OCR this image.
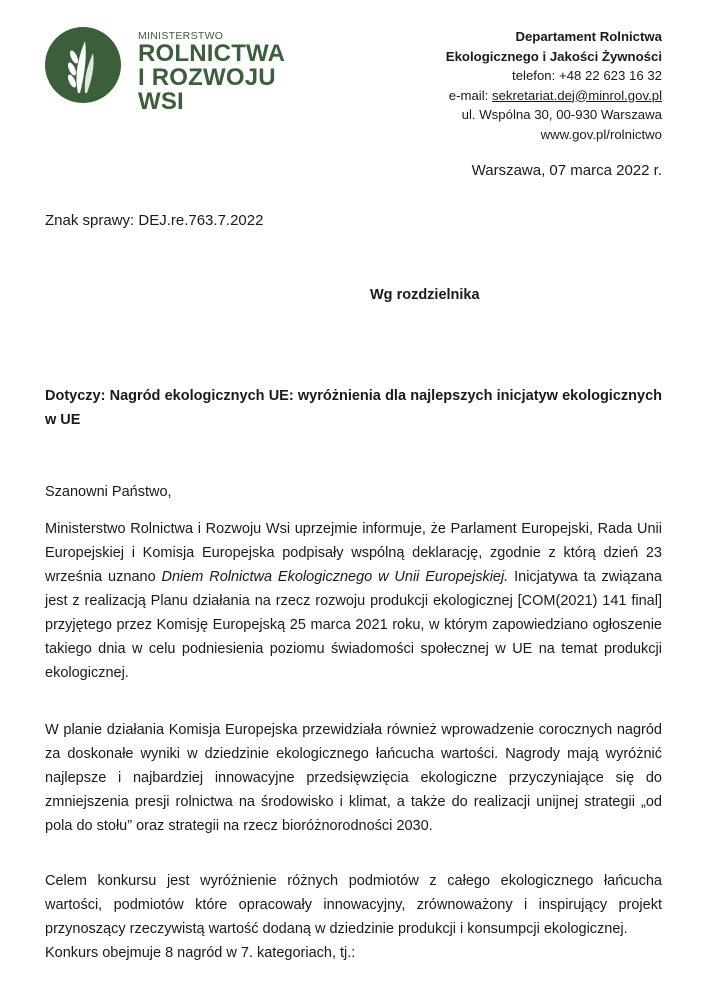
MINISTERSTWO
ROLNICTWA
I ROZWOJU WSI
Departament Rolnictwa
Ekologicznego i Jakości Żywności
telefon: +48 22 623 16 32
e-mail: sekretariat.dej@minrol.gov.pl
ul. Wspólna 30, 00-930 Warszawa
www.gov.pl/rolnictwo
Warszawa, 07 marca 2022 r.
Znak sprawy: DEJ.re.763.7.2022
Wg rozdzielnika
Dotyczy: Nagród ekologicznych UE: wyróżnienia dla najlepszych inicjatyw ekologicznych w UE
Szanowni Państwo,
Ministerstwo Rolnictwa i Rozwoju Wsi uprzejmie informuje, że Parlament Europejski, Rada Unii Europejskiej i Komisja Europejska podpisały wspólną deklarację, zgodnie z którą dzień 23 września uznano Dniem Rolnictwa Ekologicznego w Unii Europejskiej. Inicjatywa ta związana jest z realizacją Planu działania na rzecz rozwoju produkcji ekologicznej [COM(2021) 141 final] przyjętego przez Komisję Europejską 25 marca 2021 roku, w którym zapowiedziano ogłoszenie takiego dnia w celu podniesienia poziomu świadomości społecznej w UE na temat produkcji ekologicznej.
W planie działania Komisja Europejska przewidziała również wprowadzenie corocznych nagród za doskonałe wyniki w dziedzinie ekologicznego łańcucha wartości. Nagrody mają wyróżnić najlepsze i najbardziej innowacyjne przedsięwzięcia ekologiczne przyczyniające się do zmniejszenia presji rolnictwa na środowisko i klimat, a także do realizacji unijnej strategii „od pola do stołu” oraz strategii na rzecz bioróżnorodności 2030.
Celem konkursu jest wyróżnienie różnych podmiotów z całego ekologicznego łańcucha wartości, podmiotów które opracowały innowacyjny, zrównoważony i inspirujący projekt przynoszący rzeczywistą wartość dodaną w dziedzinie produkcji i konsumpcji ekologicznej.
Konkurs obejmuje 8 nagród w 7. kategoriach, tj.:
